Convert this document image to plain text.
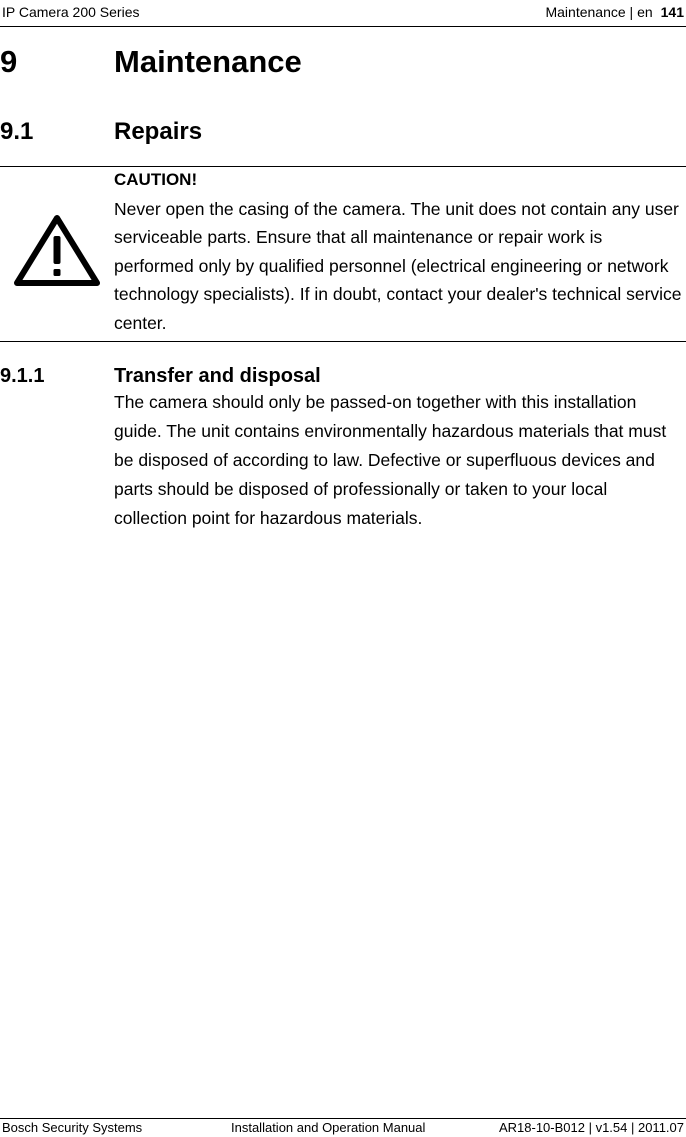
IP Camera 200 Series	Maintenance | en 141
9	Maintenance
9.1	Repairs
CAUTION!
Never open the casing of the camera. The unit does not contain any user serviceable parts. Ensure that all maintenance or repair work is performed only by qualified personnel (electrical engineering or network technology specialists). If in doubt, contact your dealer's technical service center.
9.1.1	Transfer and disposal
The camera should only be passed-on together with this installation guide. The unit contains environmentally hazardous materials that must be disposed of according to law. Defective or superfluous devices and parts should be disposed of professionally or taken to your local collection point for hazardous materials.
Bosch Security Systems	Installation and Operation Manual	AR18-10-B012 | v1.54 | 2011.07
